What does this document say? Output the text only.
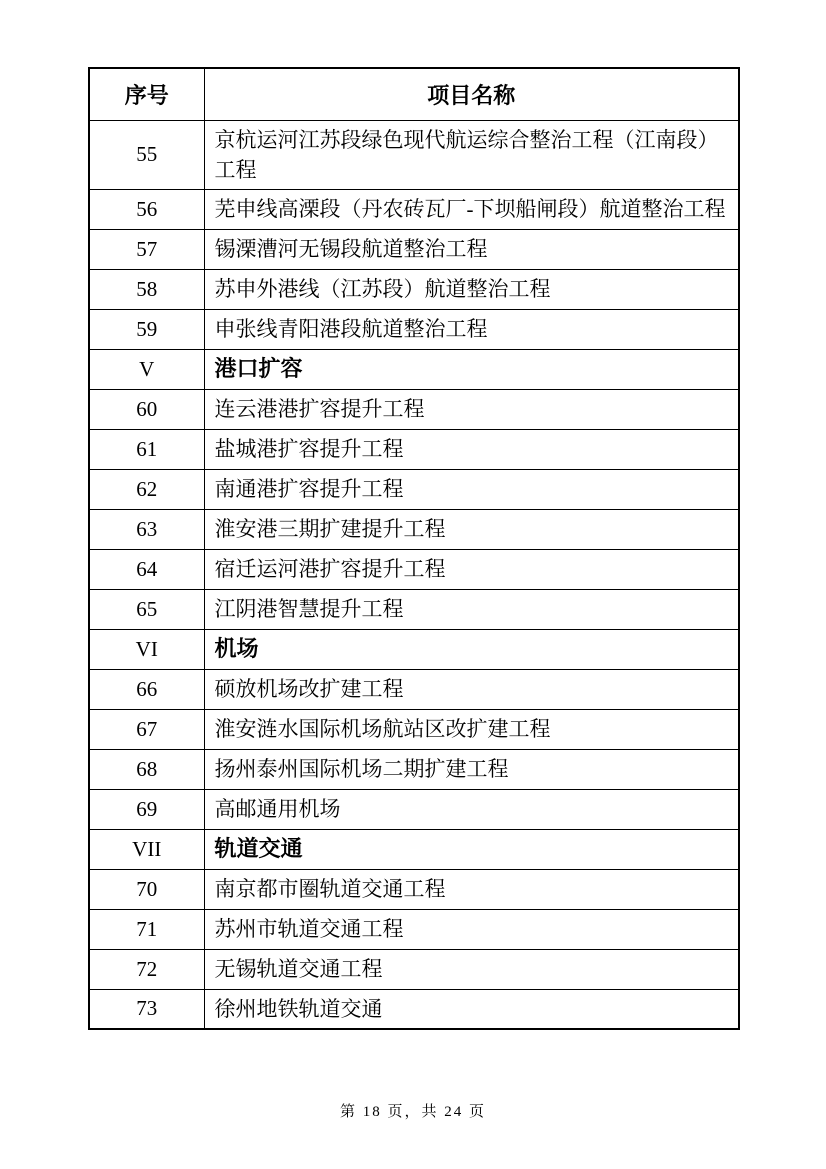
序号	项目名称
55	京杭运河江苏段绿色现代航运综合整治工程（江南段）工程
56	芜申线高溧段（丹农砖瓦厂-下坝船闸段）航道整治工程
57	锡溧漕河无锡段航道整治工程
58	苏申外港线（江苏段）航道整治工程
59	申张线青阳港段航道整治工程
V	港口扩容
60	连云港港扩容提升工程
61	盐城港扩容提升工程
62	南通港扩容提升工程
63	淮安港三期扩建提升工程
64	宿迁运河港扩容提升工程
65	江阴港智慧提升工程
VI	机场
66	硕放机场改扩建工程
67	淮安涟水国际机场航站区改扩建工程
68	扬州泰州国际机场二期扩建工程
69	高邮通用机场
VII	轨道交通
70	南京都市圈轨道交通工程
71	苏州市轨道交通工程
72	无锡轨道交通工程
73	徐州地铁轨道交通
第 18 页，共 24 页
